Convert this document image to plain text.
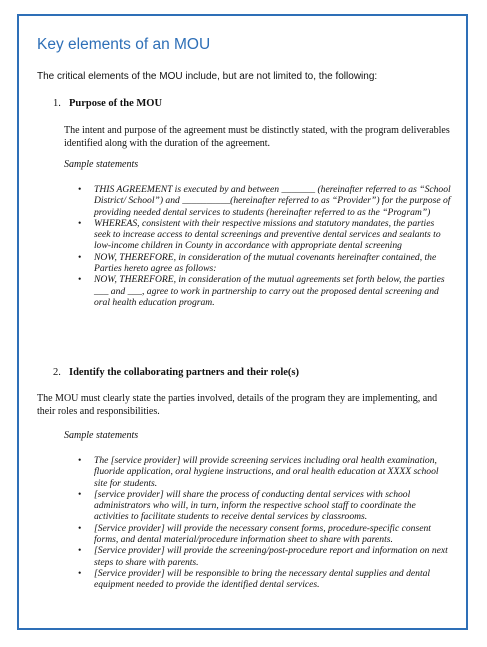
Key elements of an MOU

The critical elements of the MOU include, but are not limited to, the following:

1. Purpose of the MOU

The intent and purpose of the agreement must be distinctly stated, with the program deliverables identified along with the duration of the agreement.

Sample statements

• THIS AGREEMENT is executed by and between _______ (hereinafter referred to as “School District/ School”) and __________(hereinafter referred to as “Provider”) for the purpose of providing needed dental services to students (hereinafter referred to as the “Program”)
• WHEREAS, consistent with their respective missions and statutory mandates, the parties seek to increase access to dental screenings and preventive dental services and sealants to low-income children in County in accordance with appropriate dental screening
• NOW, THEREFORE, in consideration of the mutual covenants hereinafter contained, the Parties hereto agree as follows:
• NOW, THEREFORE, in consideration of the mutual agreements set forth below, the parties ___ and ___, agree to work in partnership to carry out the proposed dental screening and oral health education program.
2. Identify the collaborating partners and their role(s)

The MOU must clearly state the parties involved, details of the program they are implementing, and their roles and responsibilities.

Sample statements

• The [service provider] will provide screening services including oral health examination, fluoride application, oral hygiene instructions, and oral health education at XXXX school site for students.
• [service provider] will share the process of conducting dental services with school administrators who will, in turn, inform the respective school staff to coordinate the activities to facilitate students to receive dental services by classrooms.
• [Service provider] will provide the necessary consent forms, procedure-specific consent forms, and dental material/procedure information sheet to share with parents.
• [Service provider] will provide the screening/post-procedure report and information on next steps to share with parents.
• [Service provider] will be responsible to bring the necessary dental supplies and dental equipment needed to provide the identified dental services.
